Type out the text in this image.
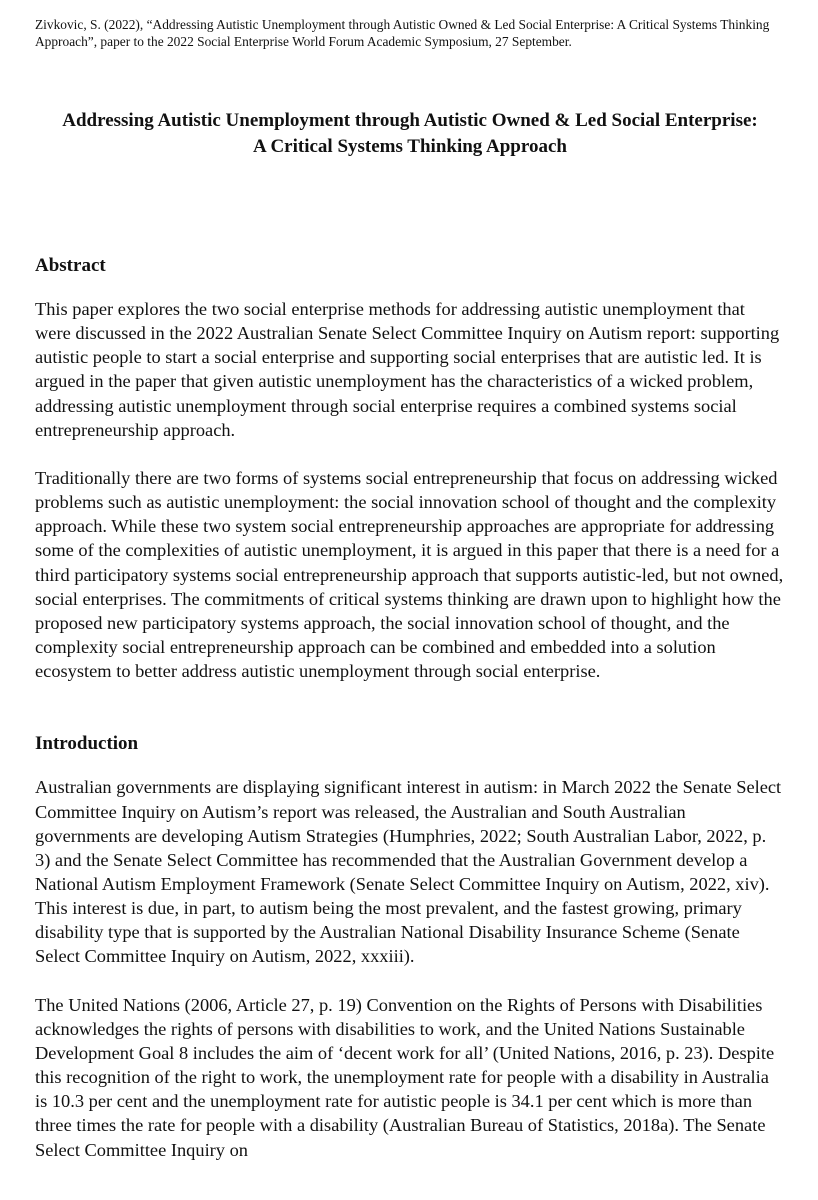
Zivkovic, S. (2022), “Addressing Autistic Unemployment through Autistic Owned & Led Social Enterprise: A Critical Systems Thinking Approach”, paper to the 2022 Social Enterprise World Forum Academic Symposium, 27 September.

Addressing Autistic Unemployment through Autistic Owned & Led Social Enterprise:
A Critical Systems Thinking Approach
Abstract

This paper explores the two social enterprise methods for addressing autistic unemployment that were discussed in the 2022 Australian Senate Select Committee Inquiry on Autism report: supporting autistic people to start a social enterprise and supporting social enterprises that are autistic led. It is argued in the paper that given autistic unemployment has the characteristics of a wicked problem, addressing autistic unemployment through social enterprise requires a combined systems social entrepreneurship approach.

Traditionally there are two forms of systems social entrepreneurship that focus on addressing wicked problems such as autistic unemployment: the social innovation school of thought and the complexity approach. While these two system social entrepreneurship approaches are appropriate for addressing some of the complexities of autistic unemployment, it is argued in this paper that there is a need for a third participatory systems social entrepreneurship approach that supports autistic-led, but not owned, social enterprises. The commitments of critical systems thinking are drawn upon to highlight how the proposed new participatory systems approach, the social innovation school of thought, and the complexity social entrepreneurship approach can be combined and embedded into a solution ecosystem to better address autistic unemployment through social enterprise.

Introduction

Australian governments are displaying significant interest in autism: in March 2022 the Senate Select Committee Inquiry on Autism’s report was released, the Australian and South Australian governments are developing Autism Strategies (Humphries, 2022; South Australian Labor, 2022, p. 3) and the Senate Select Committee has recommended that the Australian Government develop a National Autism Employment Framework (Senate Select Committee Inquiry on Autism, 2022, xiv). This interest is due, in part, to autism being the most prevalent, and the fastest growing, primary disability type that is supported by the Australian National Disability Insurance Scheme (Senate Select Committee Inquiry on Autism, 2022, xxxiii).

The United Nations (2006, Article 27, p. 19) Convention on the Rights of Persons with Disabilities acknowledges the rights of persons with disabilities to work, and the United Nations Sustainable Development Goal 8 includes the aim of ‘decent work for all’ (United Nations, 2016, p. 23). Despite this recognition of the right to work, the unemployment rate for people with a disability in Australia is 10.3 per cent and the unemployment rate for autistic people is 34.1 per cent which is more than three times the rate for people with a disability (Australian Bureau of Statistics, 2018a). The Senate Select Committee Inquiry on
